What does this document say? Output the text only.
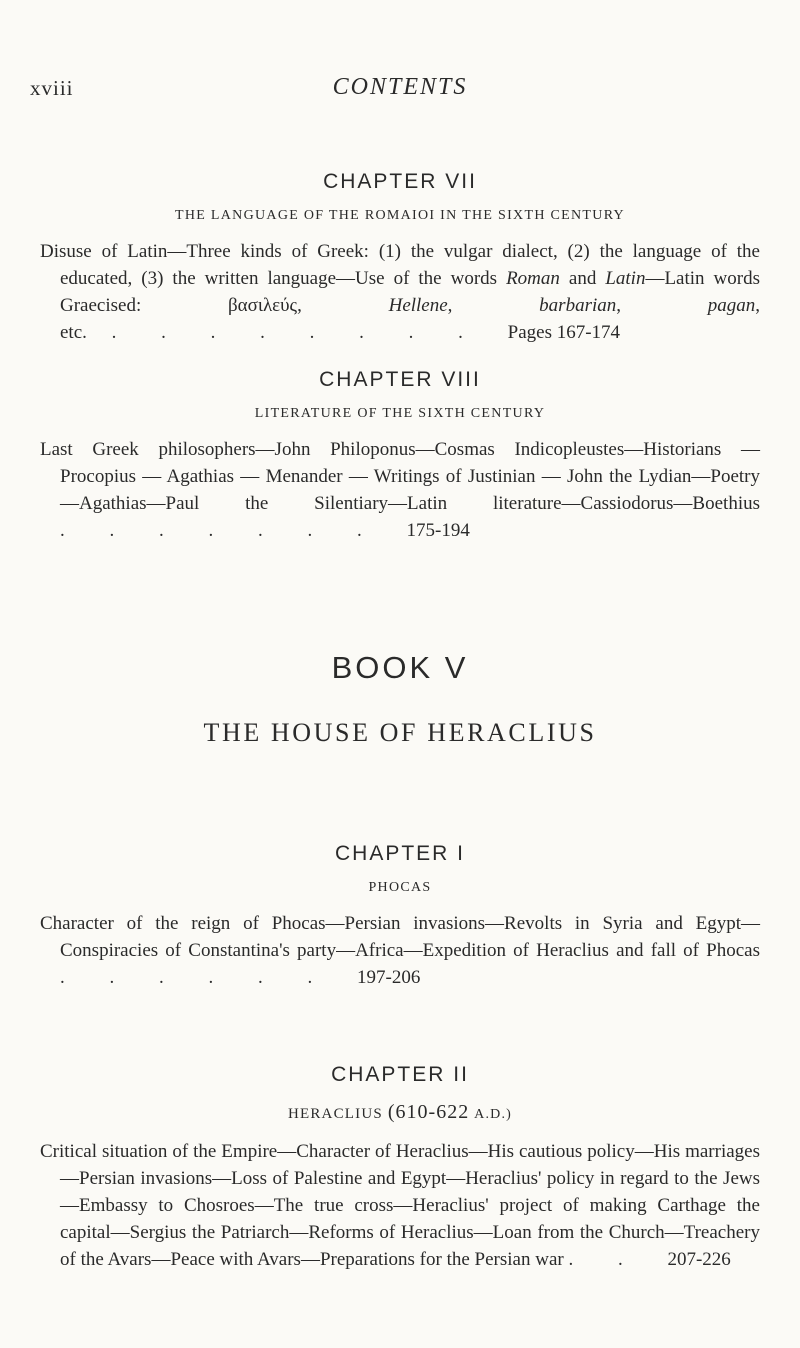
xviii	CONTENTS
CHAPTER VII
THE LANGUAGE OF THE ROMAIOI IN THE SIXTH CENTURY
Disuse of Latin—Three kinds of Greek: (1) the vulgar dialect, (2) the language of the educated, (3) the written language—Use of the words Roman and Latin—Latin words Graecised: βασιλεύς, Hellene, barbarian, pagan, etc. . . . . . . . . Pages 167-174
CHAPTER VIII
LITERATURE OF THE SIXTH CENTURY
Last Greek philosophers—John Philoponus—Cosmas Indicopleustes—Historians —Procopius — Agathias — Menander — Writings of Justinian — John the Lydian—Poetry—Agathias—Paul the Silentiary—Latin literature—Cassiodorus—Boethius . . . . . . . 175-194
BOOK V
THE HOUSE OF HERACLIUS
CHAPTER I
PHOCAS
Character of the reign of Phocas—Persian invasions—Revolts in Syria and Egypt—Conspiracies of Constantina's party—Africa—Expedition of Heraclius and fall of Phocas . . . . . . 197-206
CHAPTER II
HERACLIUS (610-622 A.D.)
Critical situation of the Empire—Character of Heraclius—His cautious policy—His marriages—Persian invasions—Loss of Palestine and Egypt—Heraclius' policy in regard to the Jews—Embassy to Chosroes—The true cross—Heraclius' project of making Carthage the capital—Sergius the Patriarch—Reforms of Heraclius—Loan from the Church—Treachery of the Avars—Peace with Avars—Preparations for the Persian war . . 207-226
